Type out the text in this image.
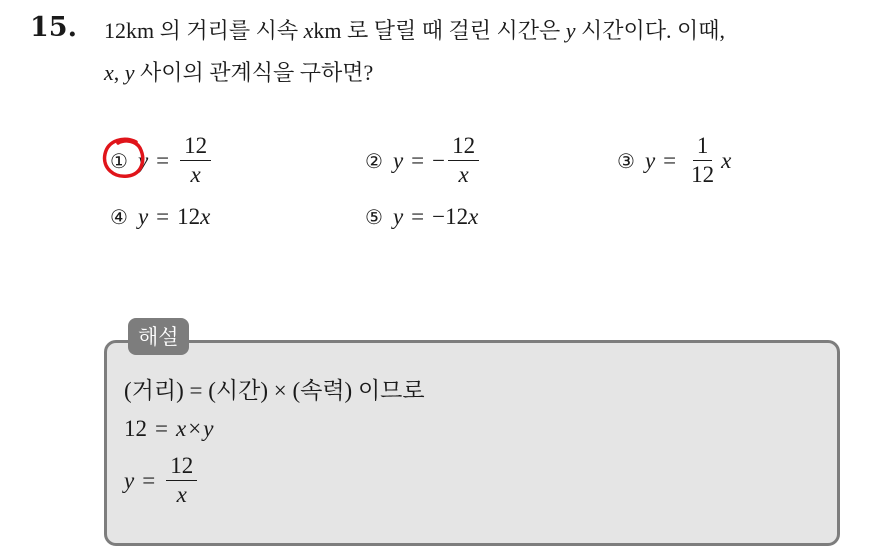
15. 12km 의 거리를 시속 xkm 로 달릴 때 걸린 시간은 y 시간이다. 이때,
x, y 사이의 관계식을 구하면?
① $y = \frac{12}{x}$	② y = − $\frac{12}{x}$	③ $y = \frac{1}{12}$ x
④ y = 12 x	⑤ y = −12 x
해설
(거리) = (시간) × (속력) 이므로
12 = x × y
$y = \frac{12}{x}$
